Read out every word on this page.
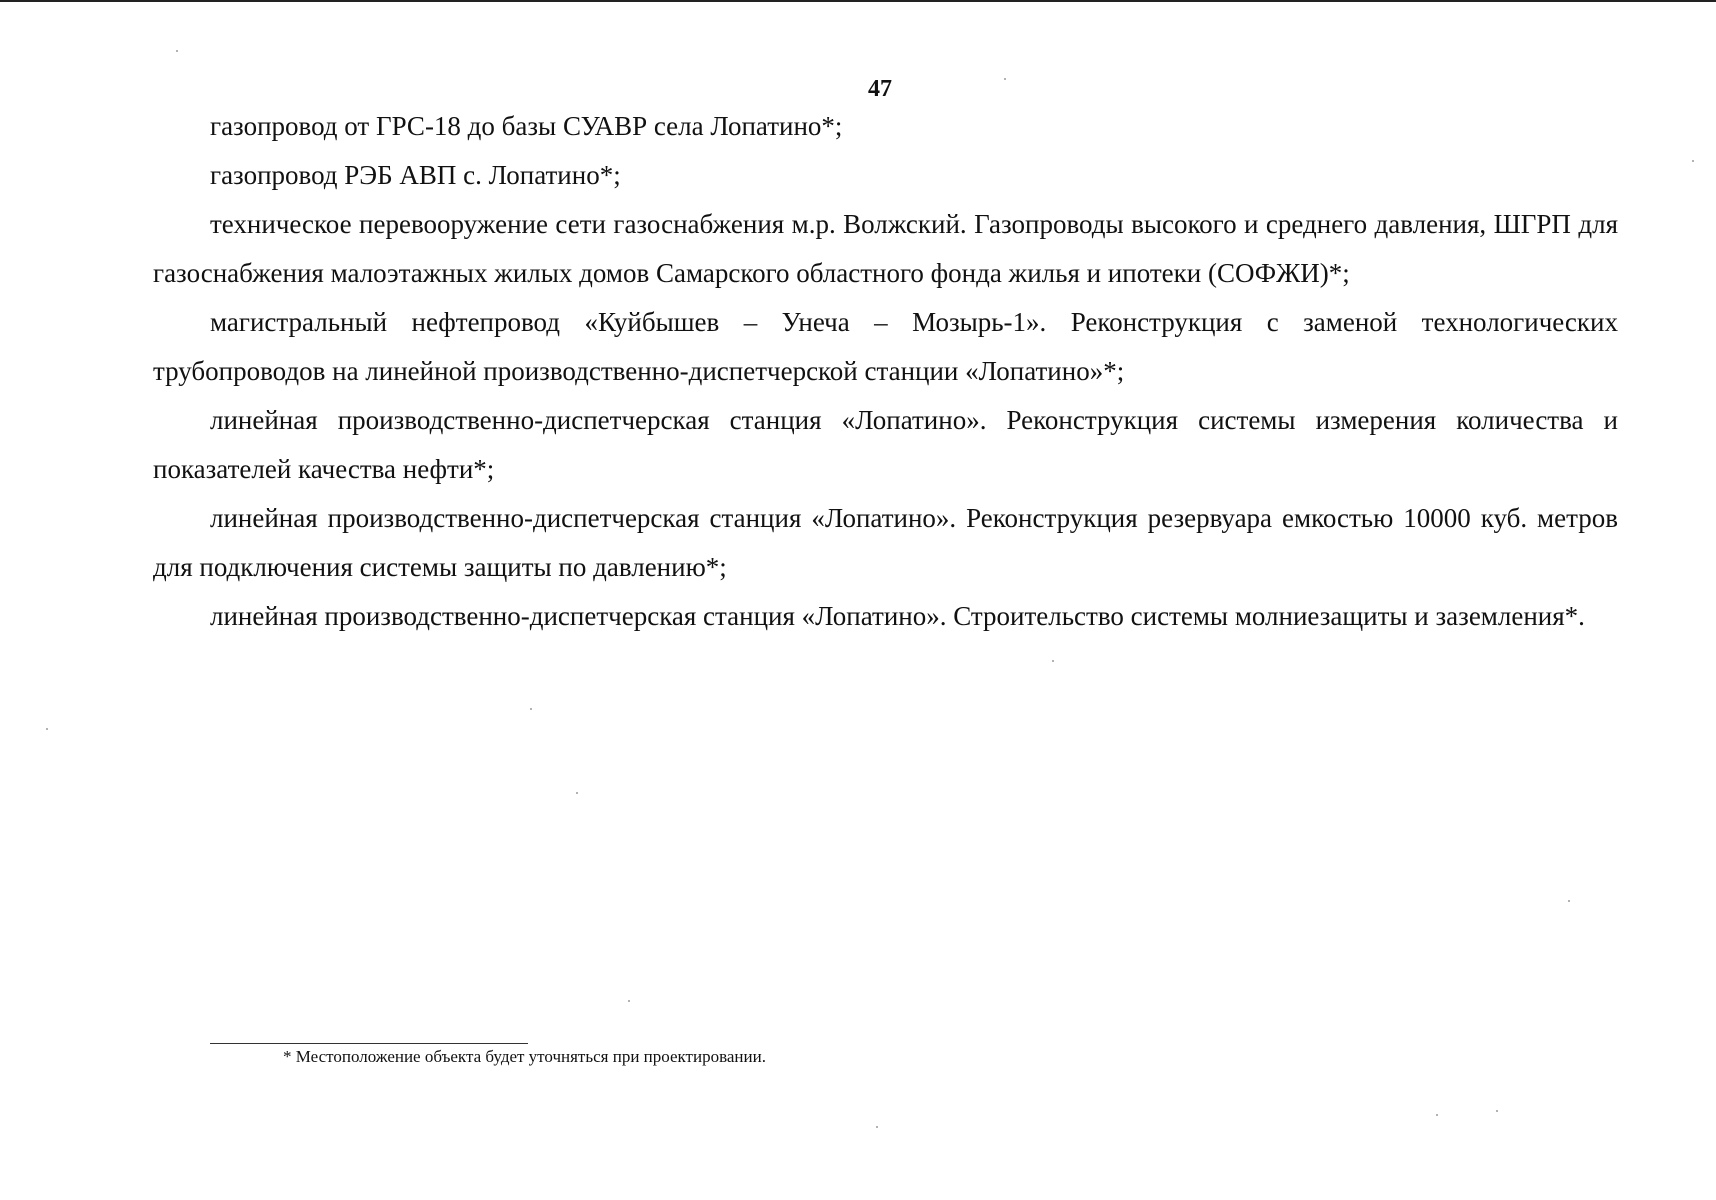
47

газопровод от ГРС-18 до базы СУАВР села Лопатино*;

газопровод РЭБ АВП с. Лопатино*;

техническое перевооружение сети газоснабжения м.р. Волжский. Газопроводы высокого и среднего давления, ШГРП для газоснабжения малоэтажных жилых домов Самарского областного фонда жилья и ипотеки (СОФЖИ)*;

магистральный нефтепровод «Куйбышев – Унеча – Мозырь-1». Реконструкция с заменой технологических трубопроводов на линейной производственно-диспетчерской станции «Лопатино»*;

линейная производственно-диспетчерская станция «Лопатино». Реконструкция системы измерения количества и показателей качества нефти*;

линейная производственно-диспетчерская станция «Лопатино». Реконструкция резервуара емкостью 10000 куб. метров для подключения системы защиты по давлению*;

линейная производственно-диспетчерская станция «Лопатино». Строительство системы молниезащиты и заземления*.

* Местоположение объекта будет уточняться при проектировании.
